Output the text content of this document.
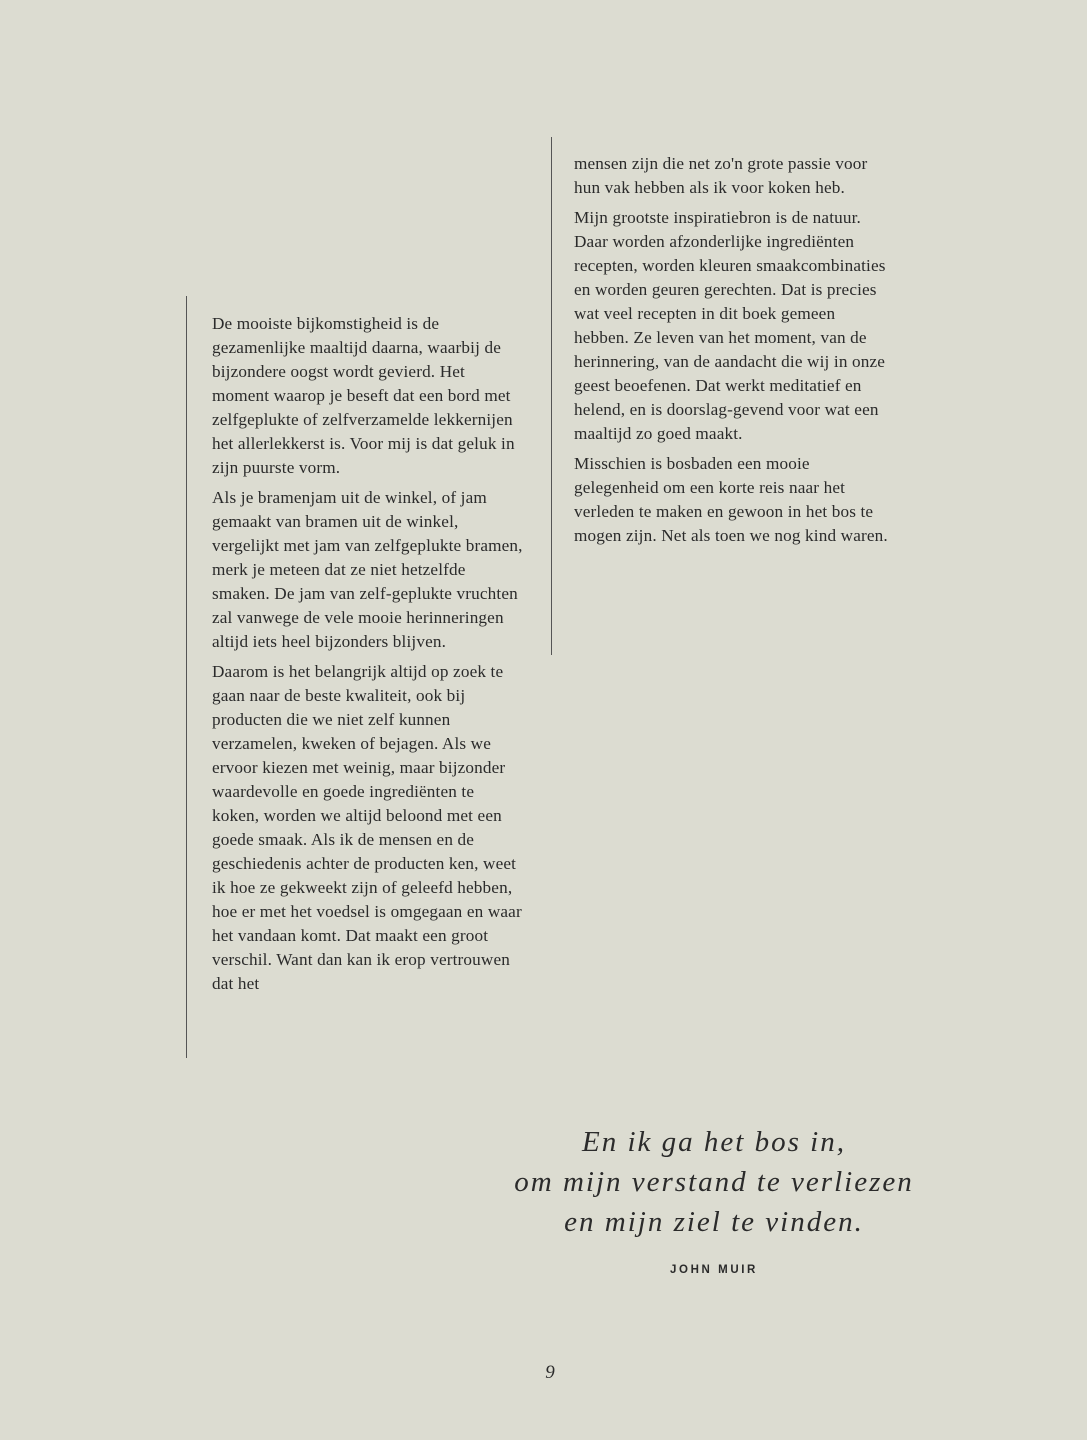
De mooiste bijkomstigheid is de gezamenlijke maaltijd daarna, waarbij de bijzondere oogst wordt gevierd. Het moment waarop je beseft dat een bord met zelfgeplukte of zelfverzamelde lekkernijen het allerlekkerst is. Voor mij is dat geluk in zijn puurste vorm.

Als je bramenjam uit de winkel, of jam gemaakt van bramen uit de winkel, vergelijkt met jam van zelfgeplukte bramen, merk je meteen dat ze niet hetzelfde smaken. De jam van zelf-geplukte vruchten zal vanwege de vele mooie herinneringen altijd iets heel bijzonders blijven.

Daarom is het belangrijk altijd op zoek te gaan naar de beste kwaliteit, ook bij producten die we niet zelf kunnen verzamelen, kweken of bejagen. Als we ervoor kiezen met weinig, maar bijzonder waardevolle en goede ingrediënten te koken, worden we altijd beloond met een goede smaak. Als ik de mensen en de geschiedenis achter de producten ken, weet ik hoe ze gekweekt zijn of geleefd hebben, hoe er met het voedsel is omgegaan en waar het vandaan komt. Dat maakt een groot verschil. Want dan kan ik erop vertrouwen dat het

mensen zijn die net zo'n grote passie voor hun vak hebben als ik voor koken heb.

Mijn grootste inspiratiebron is de natuur. Daar worden afzonderlijke ingrediënten recepten, worden kleuren smaakcombinaties en worden geuren gerechten. Dat is precies wat veel recepten in dit boek gemeen hebben. Ze leven van het moment, van de herinnering, van de aandacht die wij in onze geest beoefenen. Dat werkt meditatief en helend, en is doorslag-gevend voor wat een maaltijd zo goed maakt.

Misschien is bosbaden een mooie gelegenheid om een korte reis naar het verleden te maken en gewoon in het bos te mogen zijn. Net als toen we nog kind waren.

En ik ga het bos in,
om mijn verstand te verliezen
en mijn ziel te vinden.
JOHN MUIR
9
